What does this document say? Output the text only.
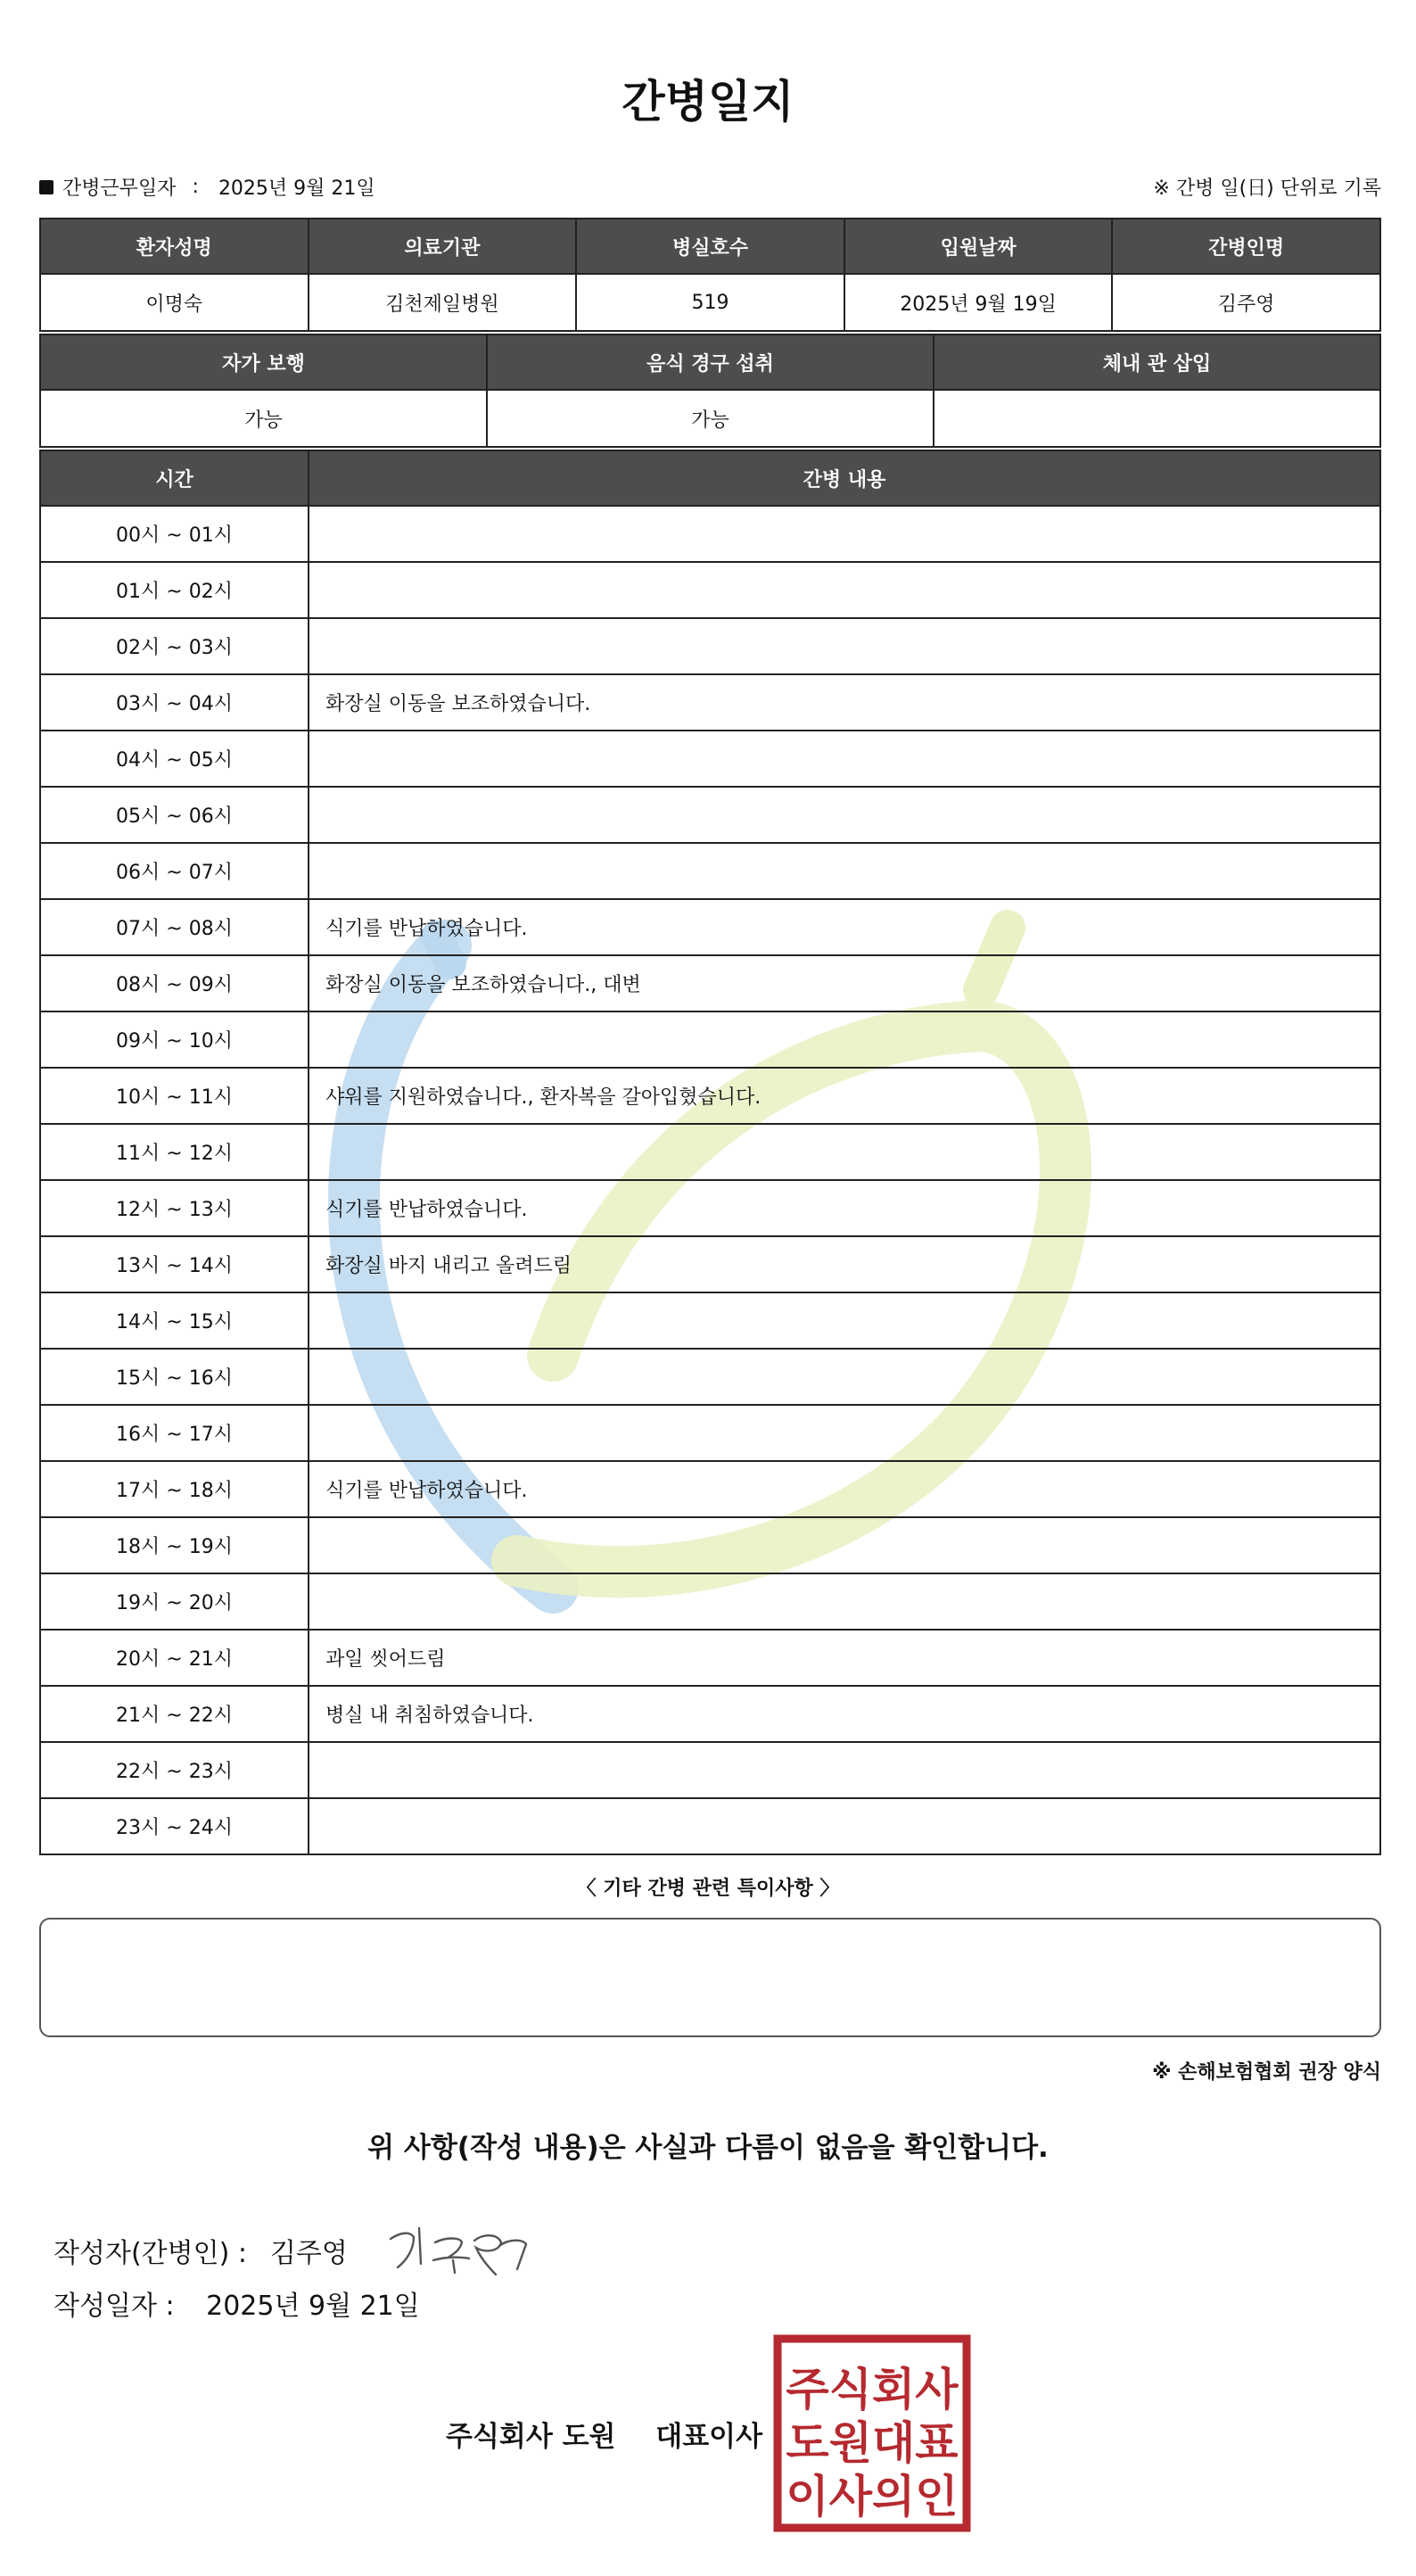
간병일지
간병근무일자 : 2025년 9월 21일	※ 간병 일(日) 단위로 기록
환자성명	의료기관	병실호수	입원날짜	간병인명
이명숙	김천제일병원	519	2025년 9월 19일	김주영
자가 보행	음식 경구 섭취	체내 관 삽입
가능	가능	
시간	간병 내용
00시 ~ 01시	
01시 ~ 02시	
02시 ~ 03시	
03시 ~ 04시	화장실 이동을 보조하였습니다.
04시 ~ 05시	
05시 ~ 06시	
06시 ~ 07시	
07시 ~ 08시	식기를 반납하였습니다.
08시 ~ 09시	화장실 이동을 보조하였습니다., 대변
09시 ~ 10시	
10시 ~ 11시	샤워를 지원하였습니다., 환자복을 갈아입혔습니다.
11시 ~ 12시	
12시 ~ 13시	식기를 반납하였습니다.
13시 ~ 14시	화장실 바지 내리고 올려드림
14시 ~ 15시	
15시 ~ 16시	
16시 ~ 17시	
17시 ~ 18시	식기를 반납하였습니다.
18시 ~ 19시	
19시 ~ 20시	
20시 ~ 21시	과일 씻어드림
21시 ~ 22시	병실 내 취침하였습니다.
22시 ~ 23시	
23시 ~ 24시	
〈 기타 간병 관련 특이사항 〉
※ 손해보험협회 권장 양식
위 사항(작성 내용)은 사실과 다름이 없음을 확인합니다.
작성자(간병인) : 김주영
작성일자 : 2025년 9월 21일
주식회사 도원 대표이사
주식회사
도원대표
이사의인
